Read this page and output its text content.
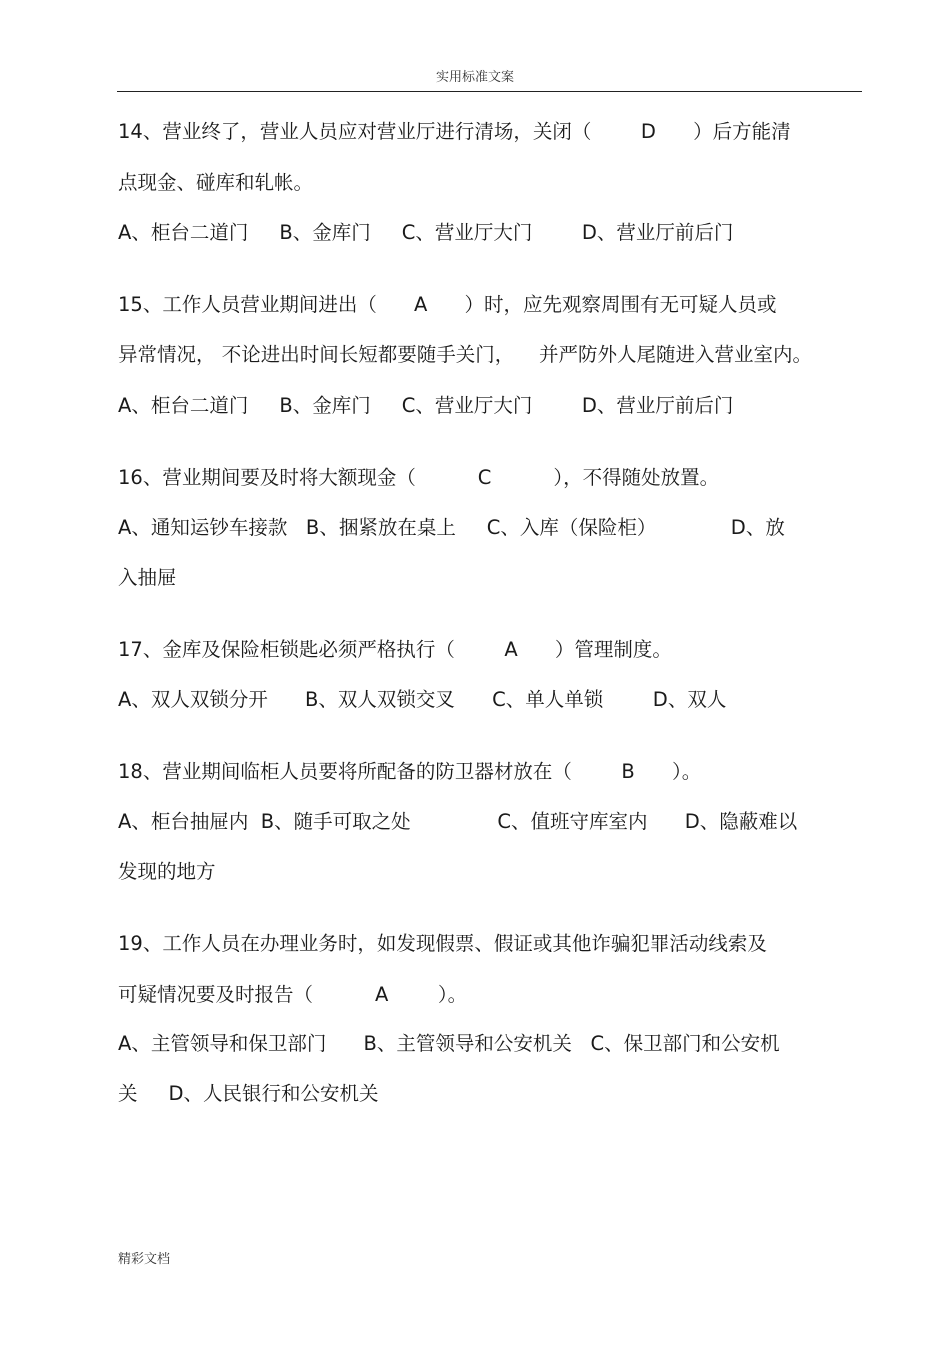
实用标准文案
14、营业终了，营业人员应对营业厅进行清场，关闭（        D      ）后方能清
点现金、碰库和轧帐。
A、柜台二道门     B、金库门     C、营业厅大门        D、营业厅前后门
15、工作人员营业期间进出（      A      ）时，应先观察周围有无可疑人员或
异常情况， 不论进出时间长短都要随手关门，    并严防外人尾随进入营业室内。
A、柜台二道门     B、金库门     C、营业厅大门        D、营业厅前后门
16、营业期间要及时将大额现金（          C          ），不得随处放置。
A、通知运钞车接款   B、捆紧放在桌上     C、入库（保险柜）            D、放
入抽屉
17、金库及保险柜锁匙必须严格执行（        A      ）管理制度。
A、双人双锁分开      B、双人双锁交叉      C、单人单锁        D、双人
18、营业期间临柜人员要将所配备的防卫器材放在（        B      ）。
A、柜台抽屉内  B、随手可取之处              C、值班守库室内      D、隐蔽难以
发现的地方
19、工作人员在办理业务时，如发现假票、假证或其他诈骗犯罪活动线索及
可疑情况要及时报告（          A        ）。
A、主管领导和保卫部门      B、主管领导和公安机关   C、保卫部门和公安机
关     D、人民银行和公安机关
精彩文档
